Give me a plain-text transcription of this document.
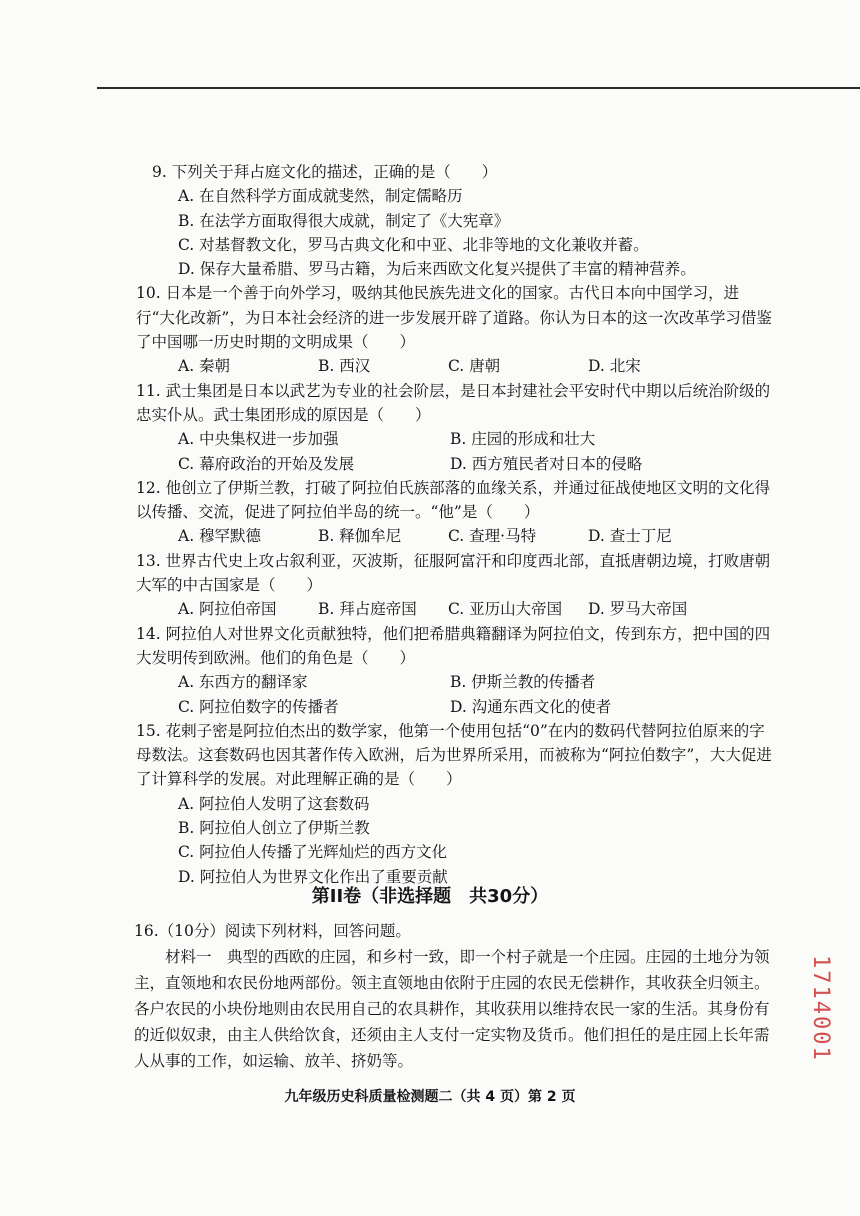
9. 下列关于拜占庭文化的描述，正确的是（　　）
A. 在自然科学方面成就斐然，制定儒略历
B. 在法学方面取得很大成就，制定了《大宪章》
C. 对基督教文化，罗马古典文化和中亚、北非等地的文化兼收并蓄。
D. 保存大量希腊、罗马古籍，为后来西欧文化复兴提供了丰富的精神营养。
10. 日本是一个善于向外学习，吸纳其他民族先进文化的国家。古代日本向中国学习，进行“大化改新”，为日本社会经济的进一步发展开辟了道路。你认为日本的这一次改革学习借鉴了中国哪一历史时期的文明成果（　　）
A. 秦朝	B. 西汉	C. 唐朝	D. 北宋
11. 武士集团是日本以武艺为专业的社会阶层，是日本封建社会平安时代中期以后统治阶级的忠实仆从。武士集团形成的原因是（　　）
A. 中央集权进一步加强	B. 庄园的形成和壮大
C. 幕府政治的开始及发展	D. 西方殖民者对日本的侵略
12. 他创立了伊斯兰教，打破了阿拉伯氏族部落的血缘关系，并通过征战使地区文明的文化得以传播、交流，促进了阿拉伯半岛的统一。“他”是（　　）
A. 穆罕默德	B. 释伽牟尼	C. 查理·马特	D. 查士丁尼
13. 世界古代史上攻占叙利亚，灭波斯，征服阿富汗和印度西北部，直抵唐朝边境，打败唐朝大军的中古国家是（　　）
A. 阿拉伯帝国	B. 拜占庭帝国	C. 亚历山大帝国	D. 罗马大帝国
14. 阿拉伯人对世界文化贡献独特，他们把希腊典籍翻译为阿拉伯文，传到东方，把中国的四大发明传到欧洲。他们的角色是（　　）
A. 东西方的翻译家	B. 伊斯兰教的传播者
C. 阿拉伯数字的传播者	D. 沟通东西文化的使者
15. 花剌子密是阿拉伯杰出的数学家，他第一个使用包括“0”在内的数码代替阿拉伯原来的字母数法。这套数码也因其著作传入欧洲，后为世界所采用，而被称为“阿拉伯数字”，大大促进了计算科学的发展。对此理解正确的是（　　）
A. 阿拉伯人发明了这套数码
B. 阿拉伯人创立了伊斯兰教
C. 阿拉伯人传播了光辉灿烂的西方文化
D. 阿拉伯人为世界文化作出了重要贡献
第II卷（非选择题　共30分）
16.（10分）阅读下列材料，回答问题。

材料一　典型的西欧的庄园，和乡村一致，即一个村子就是一个庄园。庄园的土地分为领主，直领地和农民份地两部份。领主直领地由依附于庄园的农民无偿耕作，其收获全归领主。各户农民的小块份地则由农民用自己的农具耕作，其收获用以维持农民一家的生活。其身份有的近似奴隶，由主人供给饮食，还须由主人支付一定实物及货币。他们担任的是庄园上长年需人从事的工作，如运输、放羊、挤奶等。

九年级历史科质量检测题二（共 4 页）第 2 页
1714001
